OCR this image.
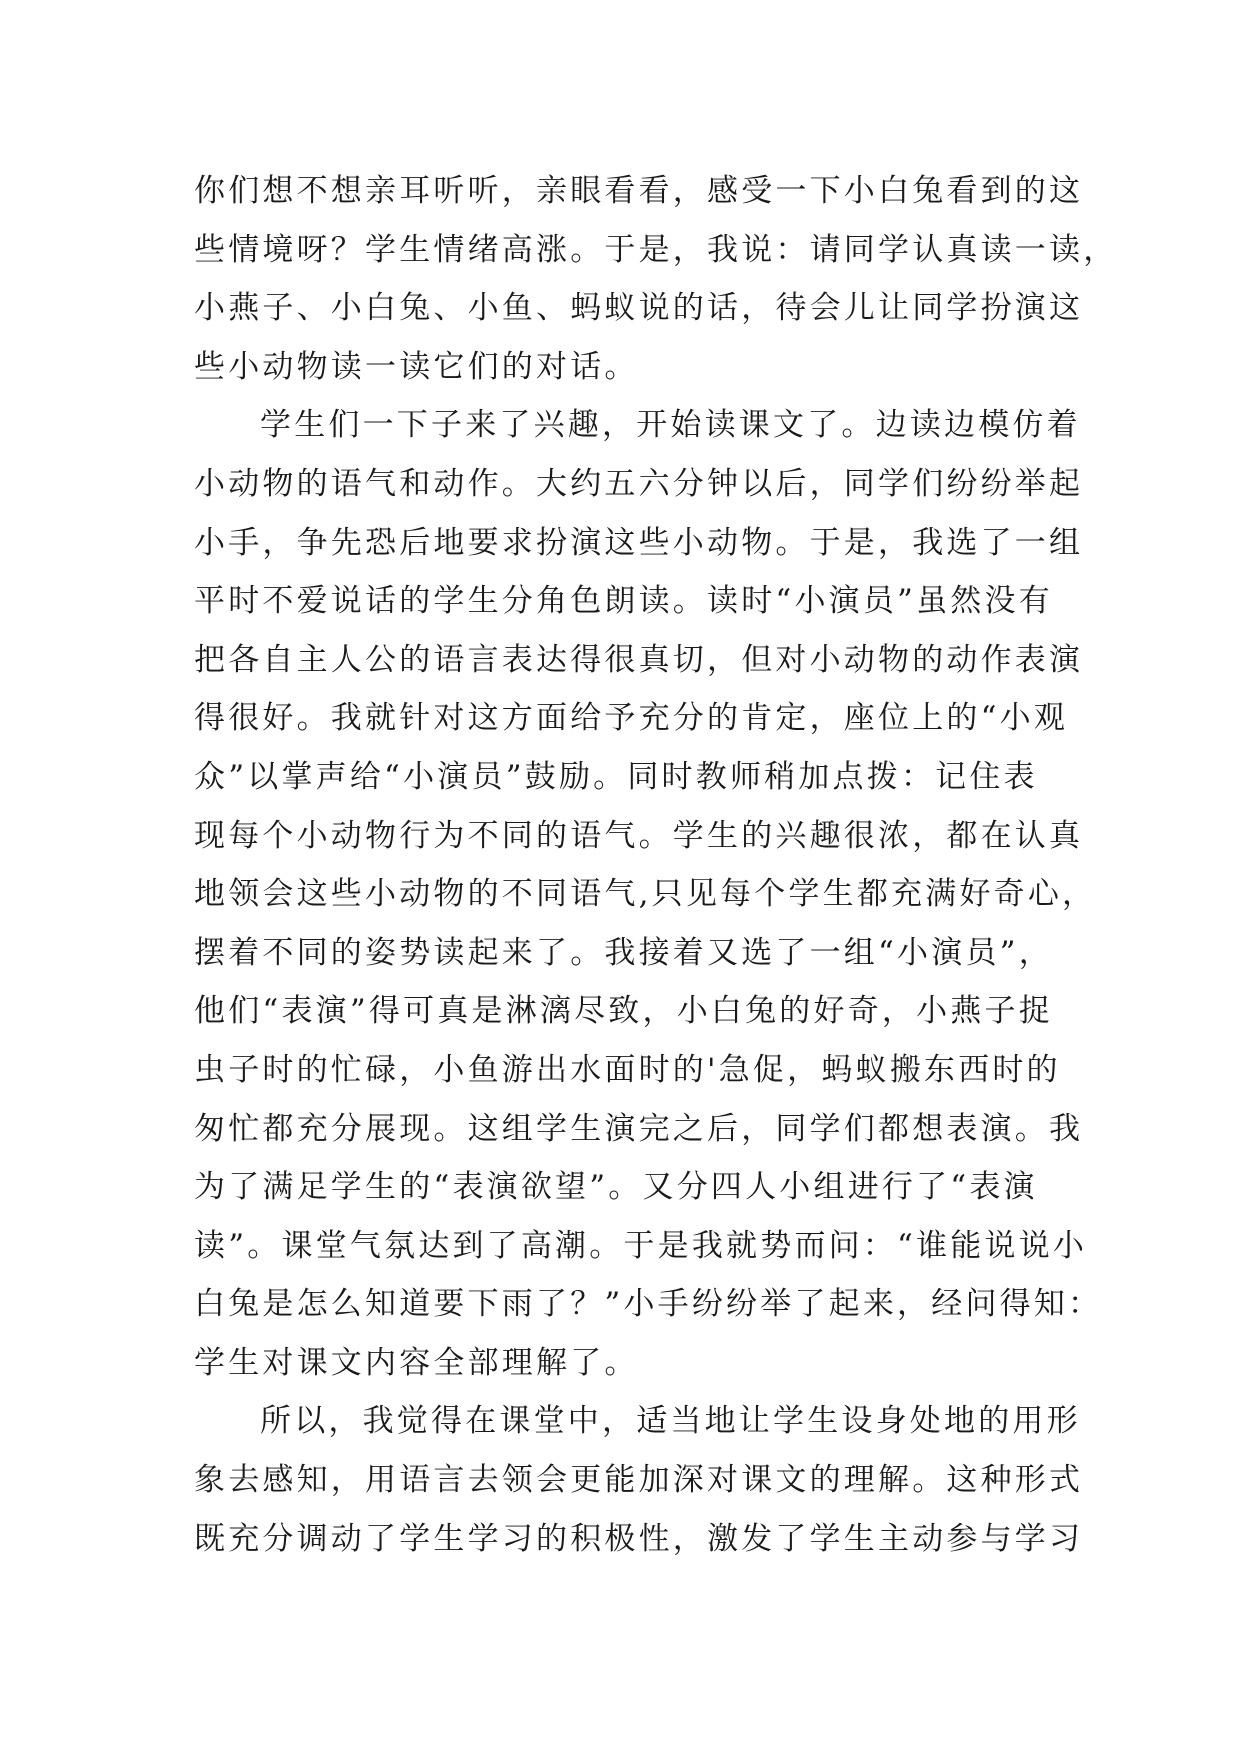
你们想不想亲耳听听，亲眼看看，感受一下小白兔看到的这
些情境呀？学生情绪高涨。于是，我说：请同学认真读一读，
小燕子、小白兔、小鱼、蚂蚁说的话，待会儿让同学扮演这
些小动物读一读它们的对话。
学生们一下子来了兴趣，开始读课文了。边读边模仿着
小动物的语气和动作。大约五六分钟以后，同学们纷纷举起
小手，争先恐后地要求扮演这些小动物。于是，我选了一组
平时不爱说话的学生分角色朗读。读时“小演员”虽然没有
把各自主人公的语言表达得很真切，但对小动物的动作表演
得很好。我就针对这方面给予充分的肯定，座位上的“小观
众”以掌声给“小演员”鼓励。同时教师稍加点拨：记住表
现每个小动物行为不同的语气。学生的兴趣很浓，都在认真
地领会这些小动物的不同语气,只见每个学生都充满好奇心，
摆着不同的姿势读起来了。我接着又选了一组“小演员”，
他们“表演”得可真是淋漓尽致，小白兔的好奇，小燕子捉
虫子时的忙碌，小鱼游出水面时的'急促，蚂蚁搬东西时的
匆忙都充分展现。这组学生演完之后，同学们都想表演。我
为了满足学生的“表演欲望”。又分四人小组进行了“表演
读”。课堂气氛达到了高潮。于是我就势而问：“谁能说说小
白兔是怎么知道要下雨了？”小手纷纷举了起来，经问得知：
学生对课文内容全部理解了。
所以，我觉得在课堂中，适当地让学生设身处地的用形
象去感知，用语言去领会更能加深对课文的理解。这种形式
既充分调动了学生学习的积极性，激发了学生主动参与学习
